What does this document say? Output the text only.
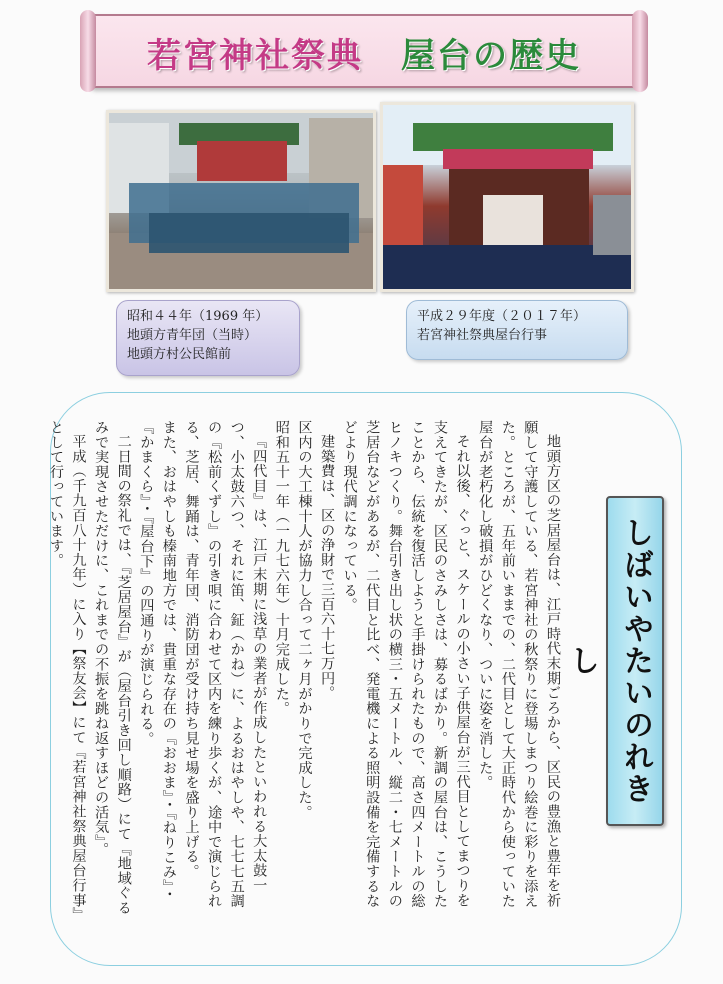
若宮神社祭典 屋台の歴史
昭和４４年（1969 年）
地頭方青年団（当時）
地頭方村公民館前
平成２９年度（２０１７年）
若宮神社祭典屋台行事

地頭方区の芝居屋台は、江戸時代末期ごろから、区民の豊漁と豊年を祈願して守護している、若宮神社の秋祭りに登場しまつり絵巻に彩りを添えた。ところが、五年前いままでの、二代目として大正時代から使っていた屋台が老朽化し破損がひどくなり、ついに姿を消した。

それ以後、ぐっと、スケールの小さい子供屋台が三代目としてまつりを支えてきたが、区民のさみしさは、募るばかり。新調の屋台は、こうしたことから、伝統を復活しようと手掛けられたもので、高さ四メートルの総ヒノキつくり。舞台引き出し状の横三・五メートル、縦二・七メートルの芝居台などがあるが、二代目と比べ、発電機による照明設備を完備するなどより現代調になっている。

建築費は、区の浄財で三百六十七万円。

区内の大工棟十人が協力し合って二ヶ月がかりで完成した。

昭和五十一年（一九七六年）十月完成した。

『四代目』は、江戸末期に浅草の業者が作成したといわれる大太鼓一つ、小太鼓六つ、それに笛、鉦（かね）に、よるおはやしや、七七七五調の『松前くずし』の引き唄に合わせて区内を練り歩くが、途中で演じられる、芝居、舞踊は、青年団、消防団が受け持ち見せ場を盛り上げる。

また、おはやしも榛南地方では、貴重な存在の『おおま』・『ねりこみ』・『かまくら』・『屋台下』の四通りが演じられる。

二日間の祭礼では、『芝居屋台』が（屋台引き回し順路）にて『地域ぐるみで実現させただけに、これまでの不振を跳ね返すほどの活気』。

平成（千九百八十九年）に入り【祭友会】にて『若宮神社祭典屋台行事』として行っています。

しばいやたいのれきし
